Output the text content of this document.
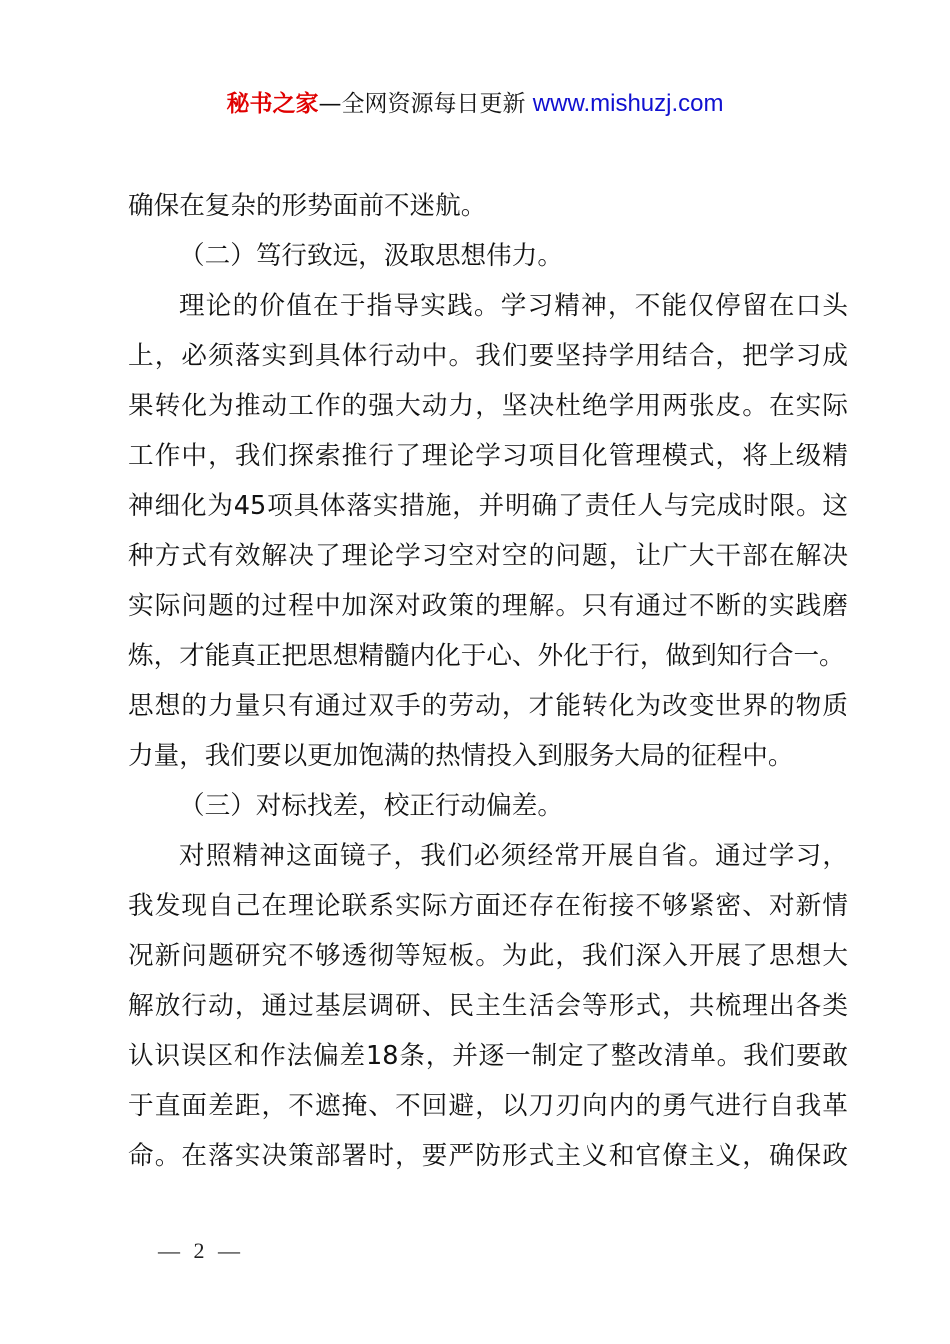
秘书之家—全网资源每日更新 www.mishuzj.com
确保在复杂的形势面前不迷航。
（二）笃行致远，汲取思想伟力。
理论的价值在于指导实践。学习精神，不能仅停留在口头
上，必须落实到具体行动中。我们要坚持学用结合，把学习成
果转化为推动工作的强大动力，坚决杜绝学用两张皮。在实际
工作中，我们探索推行了理论学习项目化管理模式，将上级精
神细化为45项具体落实措施，并明确了责任人与完成时限。这
种方式有效解决了理论学习空对空的问题，让广大干部在解决
实际问题的过程中加深对政策的理解。只有通过不断的实践磨
炼，才能真正把思想精髓内化于心、外化于行，做到知行合一。
思想的力量只有通过双手的劳动，才能转化为改变世界的物质
力量，我们要以更加饱满的热情投入到服务大局的征程中。
（三）对标找差，校正行动偏差。
对照精神这面镜子，我们必须经常开展自省。通过学习，
我发现自己在理论联系实际方面还存在衔接不够紧密、对新情
况新问题研究不够透彻等短板。为此，我们深入开展了思想大
解放行动，通过基层调研、民主生活会等形式，共梳理出各类
认识误区和作法偏差18条，并逐一制定了整改清单。我们要敢
于直面差距，不遮掩、不回避，以刀刃向内的勇气进行自我革
命。在落实决策部署时，要严防形式主义和官僚主义，确保政
— 2 —
